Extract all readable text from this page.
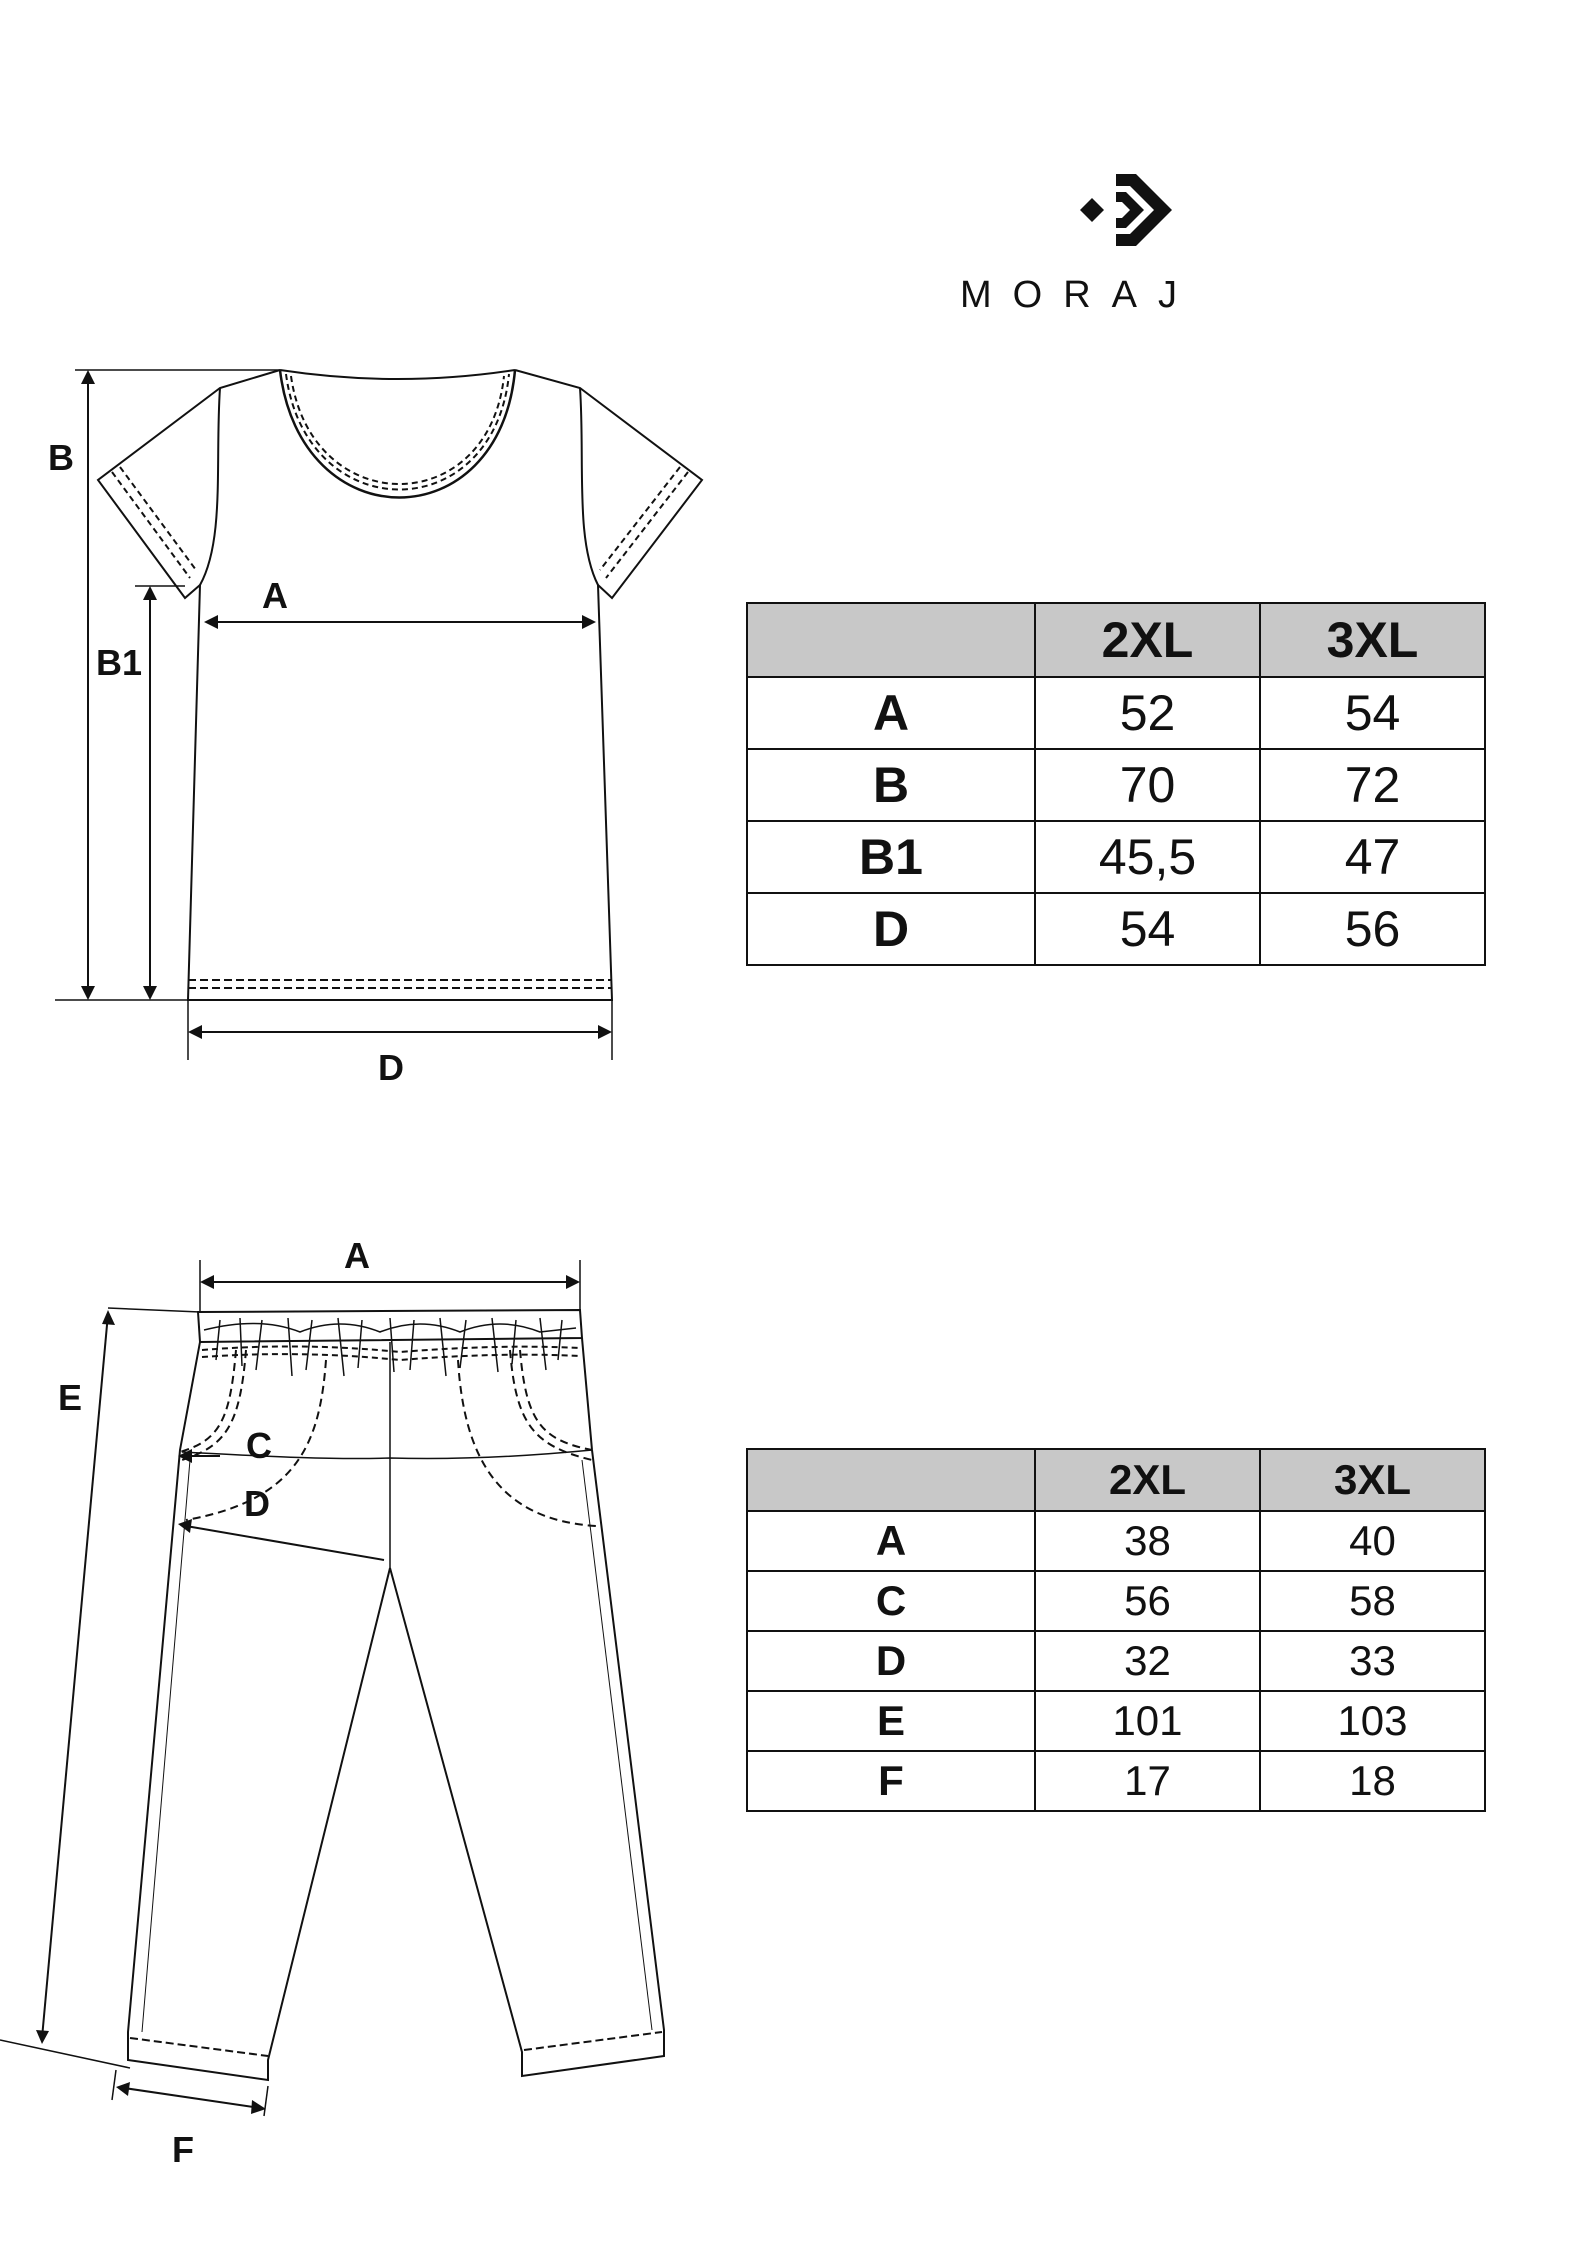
MORAJ
B
B1
A
D
	2XL	3XL
A	52	54
B	70	72
B1	45,5	47
D	54	56
A
E
C
D
F
	2XL	3XL
A	38	40
C	56	58
D	32	33
E	101	103
F	17	18
